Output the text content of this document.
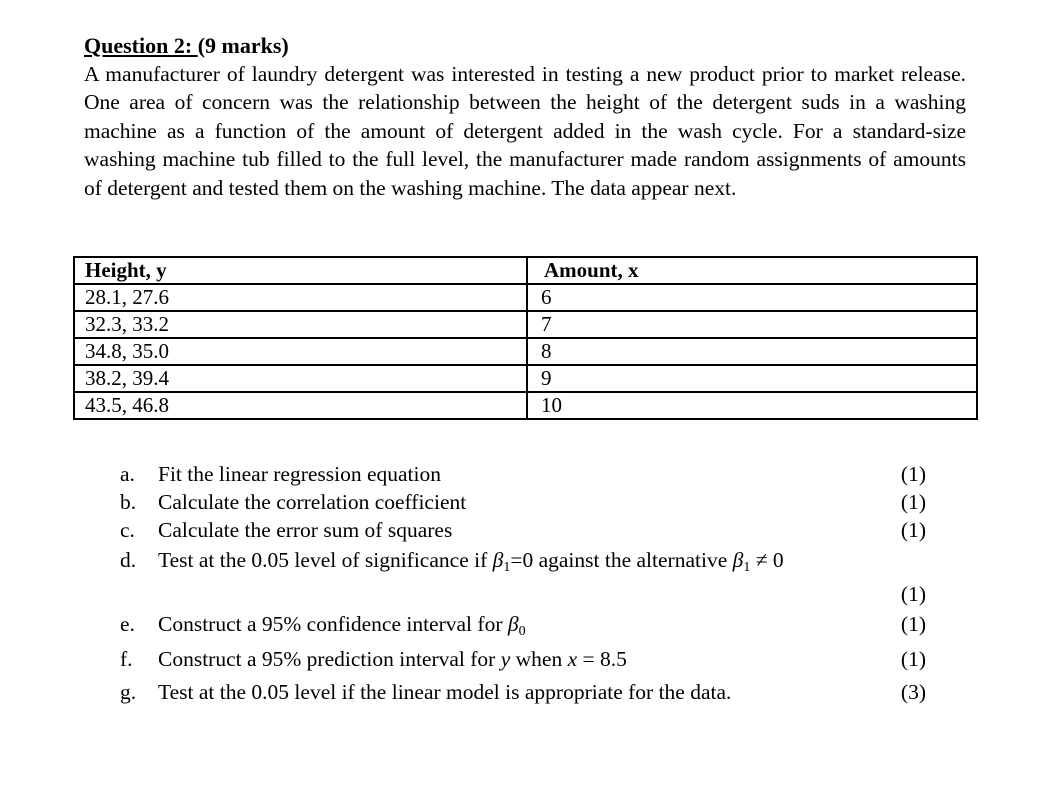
Question 2: (9 marks)
A manufacturer of laundry detergent was interested in testing a new product prior to market release. One area of concern was the relationship between the height of the detergent suds in a washing machine as a function of the amount of detergent added in the wash cycle. For a standard-size washing machine tub filled to the full level, the manufacturer made random assignments of amounts of detergent and tested them on the washing machine. The data appear next.
Height, y	Amount, x
28.1, 27.6	6
32.3, 33.2	7
34.8, 35.0	8
38.2, 39.4	9
43.5, 46.8	10
a. Fit the linear regression equation	(1)
b. Calculate the correlation coefficient	(1)
c. Calculate the error sum of squares	(1)
d. Test at the 0.05 level of significance if $\beta_1=0$ against the alternative $\beta_1 \ne 0$
(1)
e. Construct a 95% confidence interval for $\beta_0$	(1)
f. Construct a 95% prediction interval for y when x = 8.5	(1)
g. Test at the 0.05 level if the linear model is appropriate for the data.	(3)
